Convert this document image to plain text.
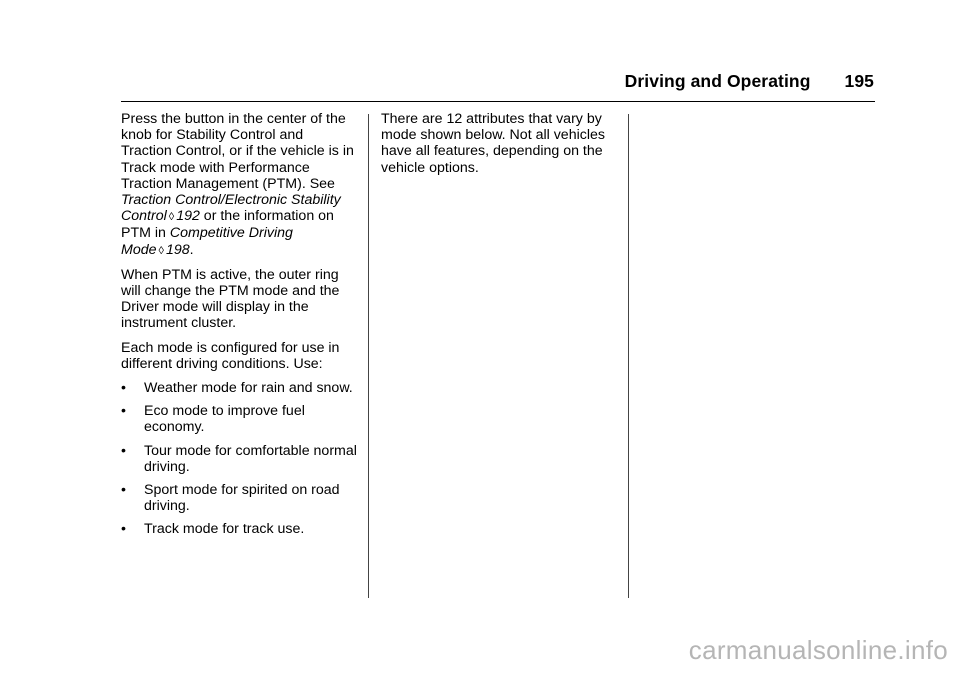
Driving and Operating 195

Press the button in the center of the knob for Stability Control and Traction Control, or if the vehicle is in Track mode with Performance Traction Management (PTM). See Traction Control/Electronic Stability Control ◊ 192 or the information on PTM in Competitive Driving Mode ◊ 198.

When PTM is active, the outer ring will change the PTM mode and the Driver mode will display in the instrument cluster.

Each mode is configured for use in different driving conditions. Use:

•	Weather mode for rain and snow.
•	Eco mode to improve fuel economy.
•	Tour mode for comfortable normal driving.
•	Sport mode for spirited on road driving.
•	Track mode for track use.

There are 12 attributes that vary by mode shown below. Not all vehicles have all features, depending on the vehicle options.

carmanualsonline.info
